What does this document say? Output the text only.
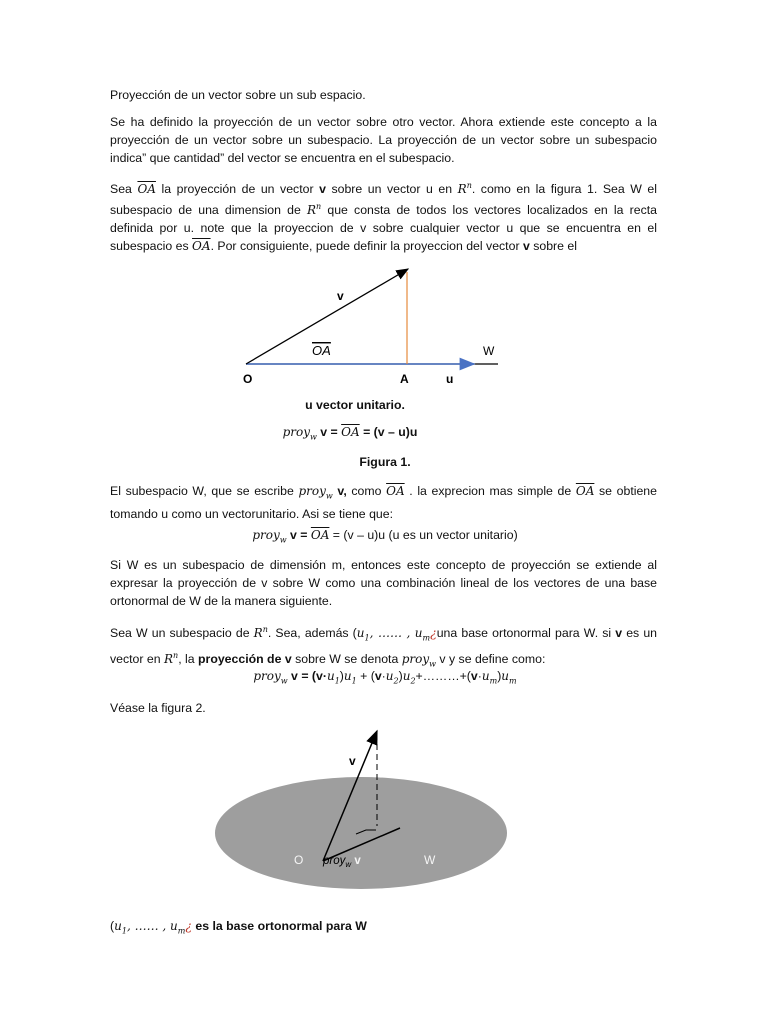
Proyección de un vector sobre un sub espacio.
Se ha definido la proyección de un vector sobre otro vector. Ahora extiende este concepto a la proyección de un vector sobre un subespacio. La proyección de un vector sobre un subespacio indica” que cantidad” del vector se encuentra en el subespacio.
Sea $\overline{OA}$ la proyección de un vector v sobre un vector u en $R^n$. como en la figura 1. Sea W el subespacio de una dimension de $R^n$ que consta de todos los vectores localizados en la recta definida por u. note que la proyeccion de v sobre cualquier vector u que se encuentra en el subespacio es $\overline{OA}$. Por consiguiente, puede definir la proyeccion del vector v sobre el
v
OA	W
O	A	u
u vector unitario.
proy$_w$ $v = \overline{OA} = (v - u)u$
Figura 1.
El subespacio W, que se escribe proy$_w$ v, como $\overline{OA}$ . la exprecion mas simple de $\overline{OA}$ se obtiene tomando u como un vectorunitario. Asi se tiene que:
proy$_w$ $v = \overline{OA} = (v - u)u$ (u es un vector unitario)
Si W es un subespacio de dimensión m, entonces este concepto de proyección se extiende al expresar la proyección de v sobre W como una combinación lineal de los vectores de una base ortonormal de W de la manera siguiente.
Sea W un subespacio de $R^n$. Sea, además ($u_1$, …… , $u_m¿una$ base ortonormal para W. si v es un vector en $R^n$, la proyección de v sobre W se denota proy$_w$ v y se define como:
proy$_w$ $v = (v\cdot u_1)u_1$ + $(v\cdot u_2)u_2+\dots\dots\dots+(v\cdot u_m)u_m$
Véase la figura 2.
v
O proy$_w$ v	W
($u_1$, …… , $u_m¿$ es la base ortonormal para W
